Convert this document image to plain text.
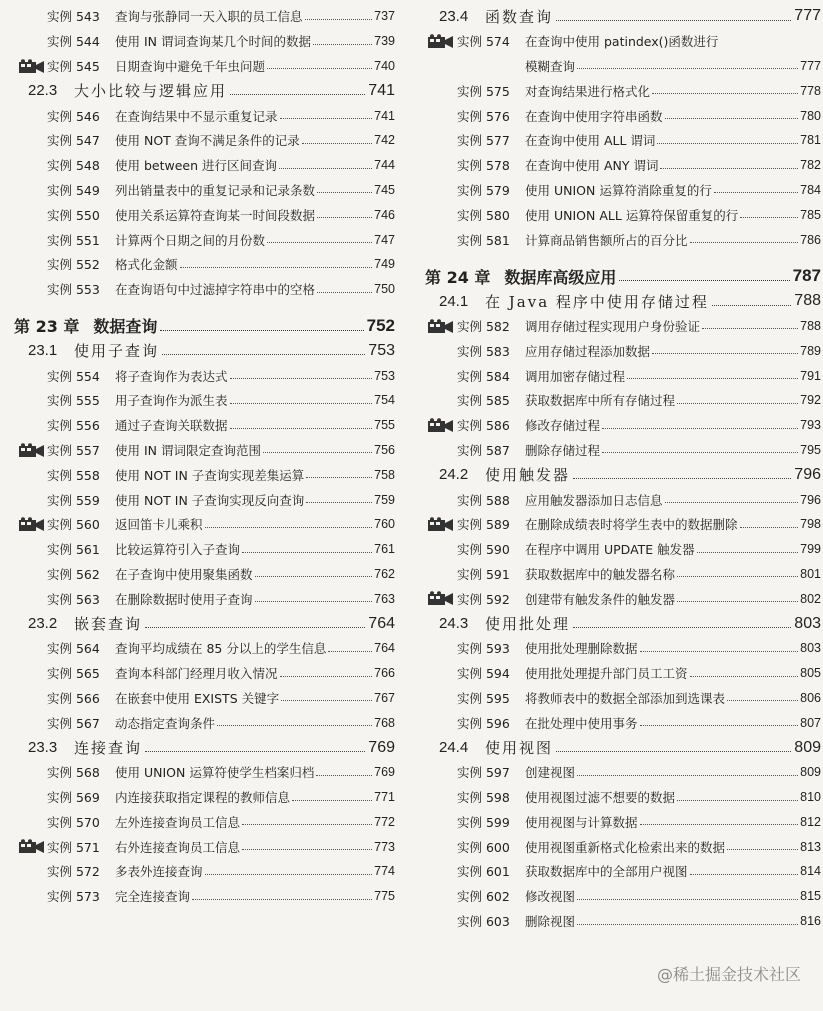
实例 543	查询与张静同一天入职的员工信息	737
实例 544	使用 IN 谓词查询某几个时间的数据	739
实例 545	日期查询中避免千年虫问题	740
22.3	大小比较与逻辑应用	741
实例 546	在查询结果中不显示重复记录	741
实例 547	使用 NOT 查询不满足条件的记录	742
实例 548	使用 between 进行区间查询	744
实例 549	列出销量表中的重复记录和记录条数	745
实例 550	使用关系运算符查询某一时间段数据	746
实例 551	计算两个日期之间的月份数	747
实例 552	格式化金额	749
实例 553	在查询语句中过滤掉字符串中的空格	750
第 23 章 数据查询	752
23.1	使用子查询	753
实例 554	将子查询作为表达式	753
实例 555	用子查询作为派生表	754
实例 556	通过子查询关联数据	755
实例 557	使用 IN 谓词限定查询范围	756
实例 558	使用 NOT IN 子查询实现差集运算	758
实例 559	使用 NOT IN 子查询实现反向查询	759
实例 560	返回笛卡儿乘积	760
实例 561	比较运算符引入子查询	761
实例 562	在子查询中使用聚集函数	762
实例 563	在删除数据时使用子查询	763
23.2	嵌套查询	764
实例 564	查询平均成绩在 85 分以上的学生信息	764
实例 565	查询本科部门经理月收入情况	766
实例 566	在嵌套中使用 EXISTS 关键字	767
实例 567	动态指定查询条件	768
23.3	连接查询	769
实例 568	使用 UNION 运算符使学生档案归档	769
实例 569	内连接获取指定课程的教师信息	771
实例 570	左外连接查询员工信息	772
实例 571	右外连接查询员工信息	773
实例 572	多表外连接查询	774
实例 573	完全连接查询	775
23.4	函数查询	777
实例 574	在查询中使用 patindex()函数进行
模糊查询	777
实例 575	对查询结果进行格式化	778
实例 576	在查询中使用字符串函数	780
实例 577	在查询中使用 ALL 谓词	781
实例 578	在查询中使用 ANY 谓词	782
实例 579	使用 UNION 运算符消除重复的行	784
实例 580	使用 UNION ALL 运算符保留重复的行	785
实例 581	计算商品销售额所占的百分比	786
第 24 章 数据库高级应用	787
24.1	在 Java 程序中使用存储过程	788
实例 582	调用存储过程实现用户身份验证	788
实例 583	应用存储过程添加数据	789
实例 584	调用加密存储过程	791
实例 585	获取数据库中所有存储过程	792
实例 586	修改存储过程	793
实例 587	删除存储过程	795
24.2	使用触发器	796
实例 588	应用触发器添加日志信息	796
实例 589	在删除成绩表时将学生表中的数据删除	798
实例 590	在程序中调用 UPDATE 触发器	799
实例 591	获取数据库中的触发器名称	801
实例 592	创建带有触发条件的触发器	802
24.3	使用批处理	803
实例 593	使用批处理删除数据	803
实例 594	使用批处理提升部门员工工资	805
实例 595	将教师表中的数据全部添加到选课表	806
实例 596	在批处理中使用事务	807
24.4	使用视图	809
实例 597	创建视图	809
实例 598	使用视图过滤不想要的数据	810
实例 599	使用视图与计算数据	812
实例 600	使用视图重新格式化检索出来的数据	813
实例 601	获取数据库中的全部用户视图	814
实例 602	修改视图	815
实例 603	删除视图	816
@稀土掘金技术社区
